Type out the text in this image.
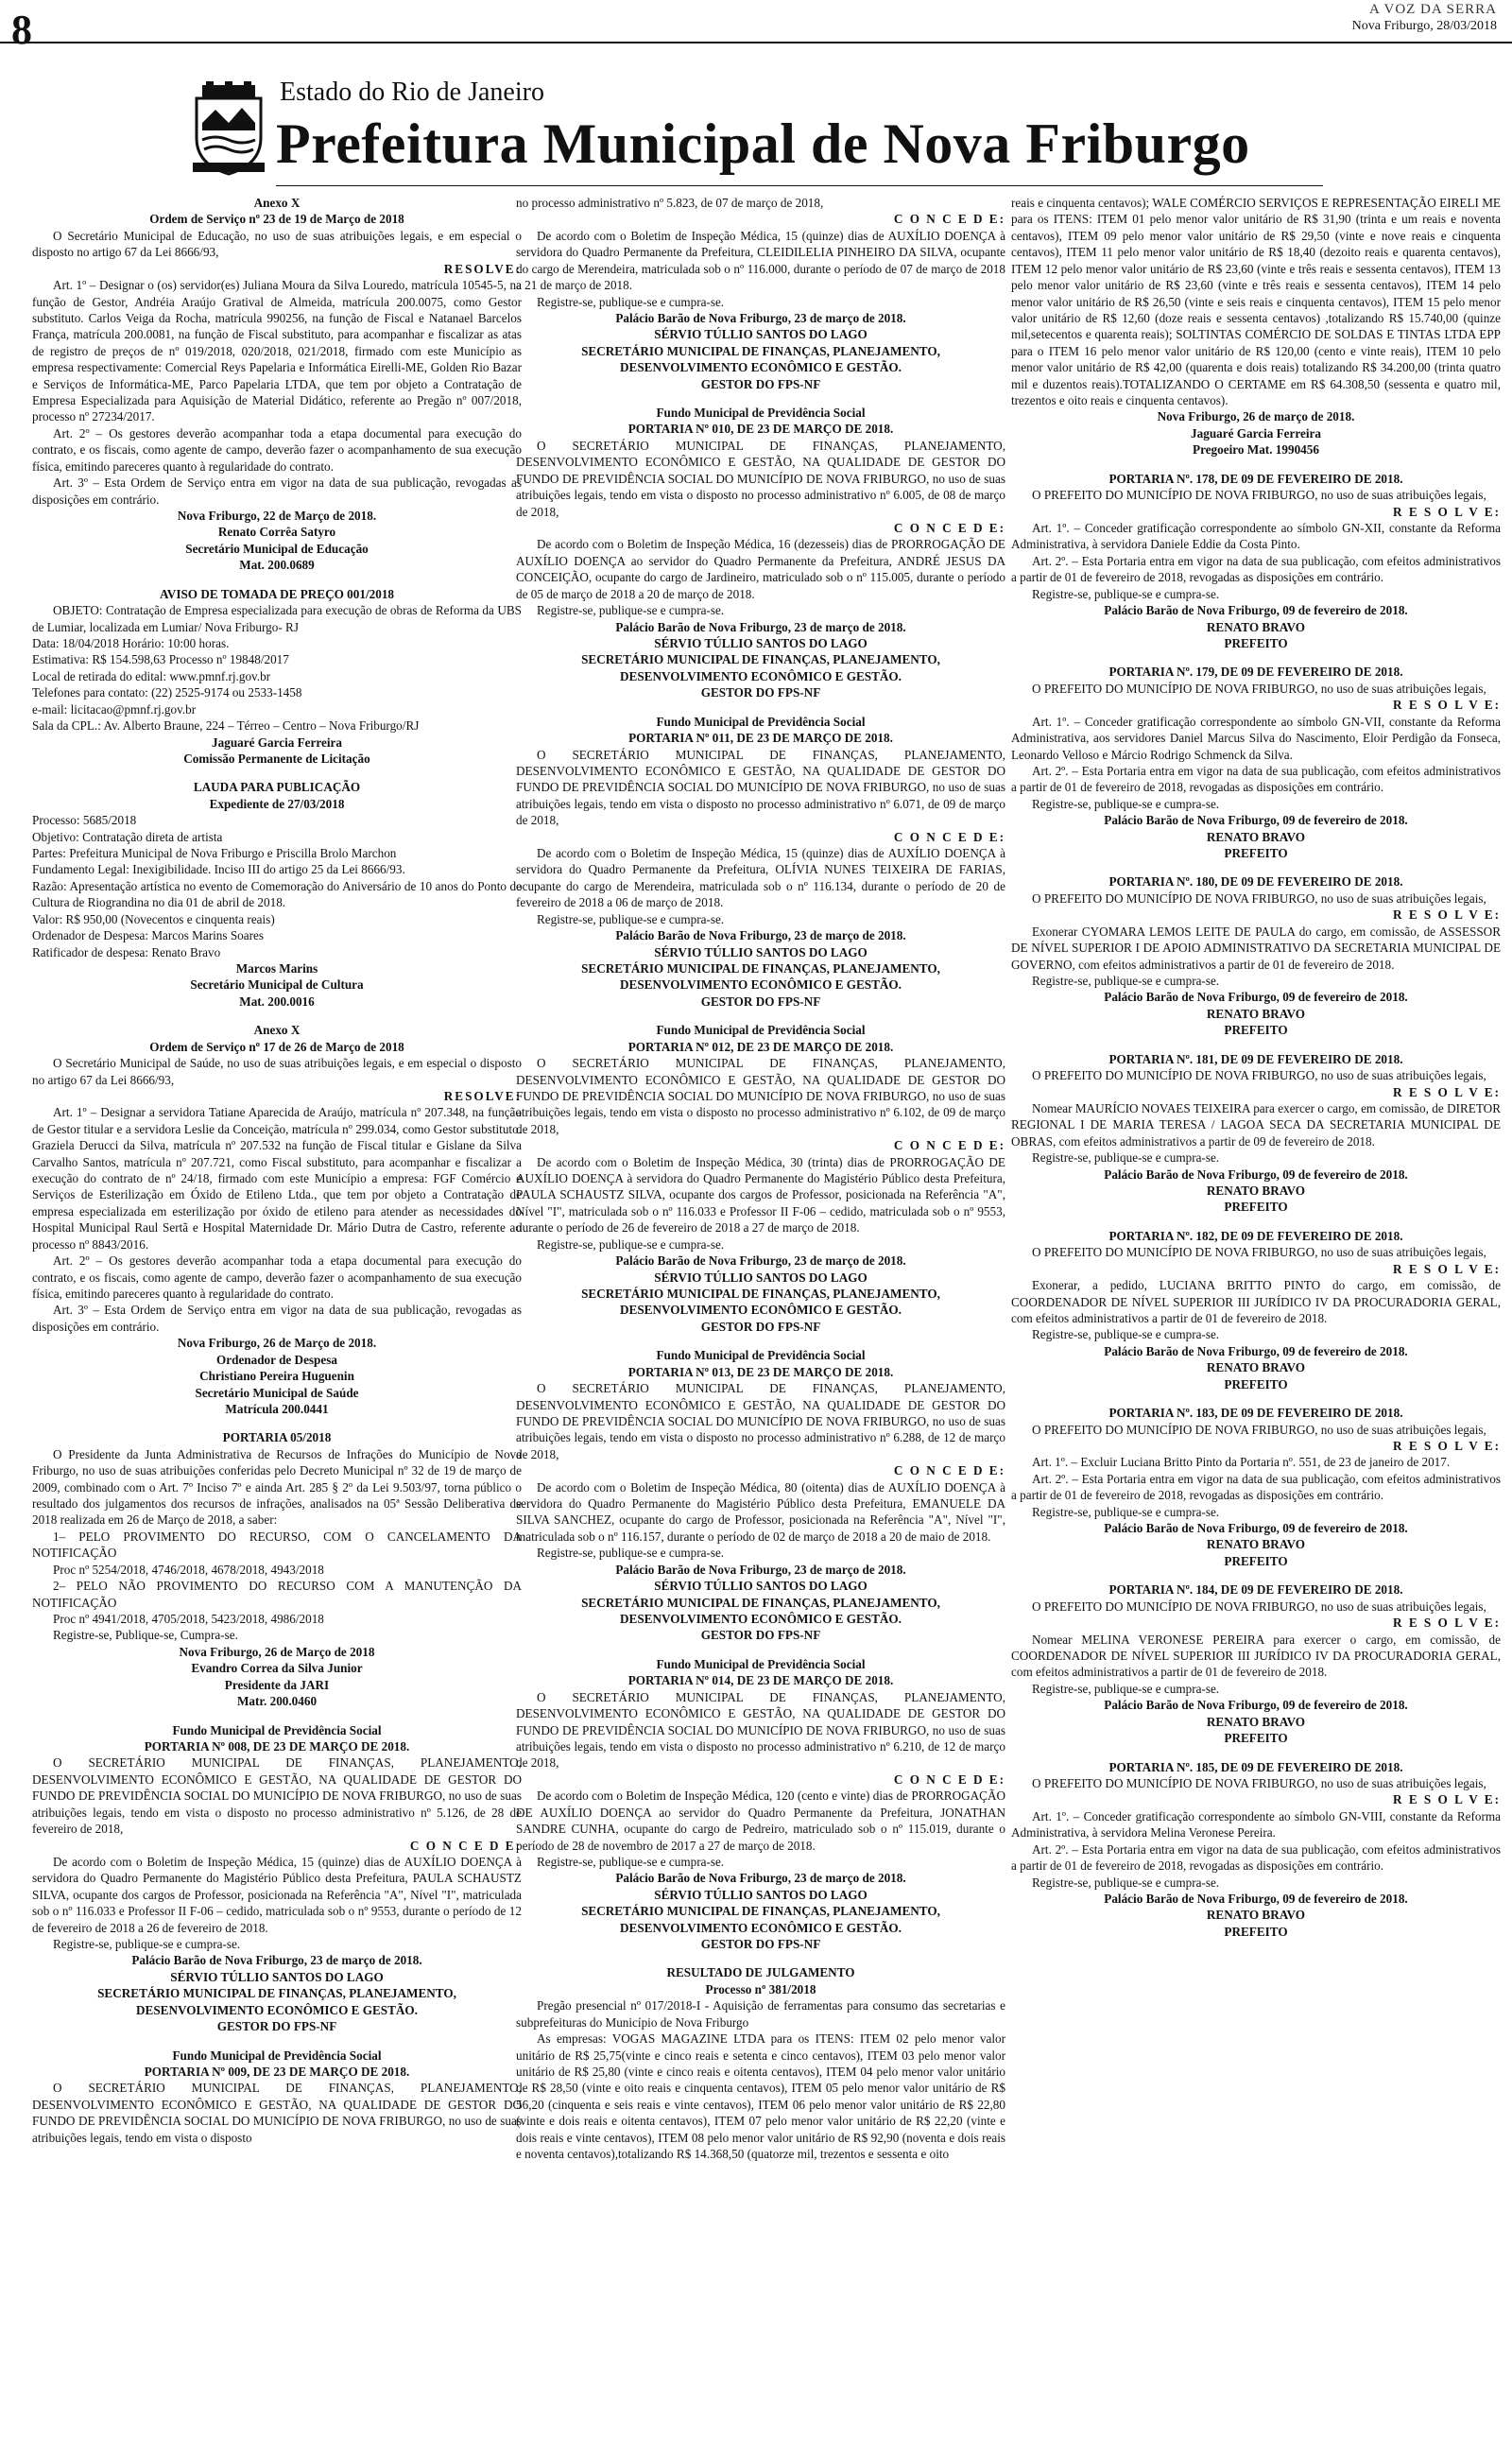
8	A VOZ DA SERRA
Nova Friburgo, 28/03/2018
Estado do Rio de Janeiro
Prefeitura Municipal de Nova Friburgo

Anexo X

Ordem de Serviço nº 23 de 19 de Março de 2018

O Secretário Municipal de Educação, no uso de suas atribuições legais, e em especial o disposto no artigo 67 da Lei 8666/93,

RESOLVE:

Art. 1º – Designar o (os) servidor(es) Juliana Moura da Silva Louredo, matrícula 10545-5, na função de Gestor, Andréia Araújo Gratival de Almeida, matrícula 200.0075, como Gestor substituto. Carlos Veiga da Rocha, matrícula 990256, na função de Fiscal e Natanael Barcelos França, matrícula 200.0081, na função de Fiscal substituto, para acompanhar e fiscalizar as atas de registro de preços de nº 019/2018, 020/2018, 021/2018, firmado com este Município as empresa respectivamente: Comercial Reys Papelaria e Informática Eirelli-ME, Golden Rio Bazar e Serviços de Informática-ME, Parco Papelaria LTDA, que tem por objeto a Contratação de Empresa Especializada para Aquisição de Material Didático, referente ao Pregão nº 007/2018, processo nº 27234/2017.

Art. 2º – Os gestores deverão acompanhar toda a etapa documental para execução do contrato, e os fiscais, como agente de campo, deverão fazer o acompanhamento de sua execução física, emitindo pareceres quanto à regularidade do contrato.

Art. 3º – Esta Ordem de Serviço entra em vigor na data de sua publicação, revogadas as disposições em contrário.

Nova Friburgo, 22 de Março de 2018.

Renato Corrêa Satyro

Secretário Municipal de Educação

Mat. 200.0689

AVISO DE TOMADA DE PREÇO 001/2018

OBJETO: Contratação de Empresa especializada para execução de obras de Reforma da UBS de Lumiar, localizada em Lumiar/ Nova Friburgo- RJ

Data: 18/04/2018 Horário: 10:00 horas.

Estimativa: R$ 154.598,63 Processo nº 19848/2017

Local de retirada do edital: www.pmnf.rj.gov.br

Telefones para contato: (22) 2525-9174 ou 2533-1458

e-mail: licitacao@pmnf.rj.gov.br

Sala da CPL.: Av. Alberto Braune, 224 – Térreo – Centro – Nova Friburgo/RJ

Jaguaré Garcia Ferreira

Comissão Permanente de Licitação

LAUDA PARA PUBLICAÇÃO

Expediente de 27/03/2018

Processo: 5685/2018

Objetivo: Contratação direta de artista

Partes: Prefeitura Municipal de Nova Friburgo e Priscilla Brolo Marchon

Fundamento Legal: Inexigibilidade. Inciso III do artigo 25 da Lei 8666/93.

Razão: Apresentação artística no evento de Comemoração do Aniversário de 10 anos do Ponto de Cultura de Riograndina no dia 01 de abril de 2018.

Valor: R$ 950,00 (Novecentos e cinquenta reais)

Ordenador de Despesa: Marcos Marins Soares

Ratificador de despesa: Renato Bravo

Marcos Marins

Secretário Municipal de Cultura

Mat. 200.0016

Anexo X

Ordem de Serviço nº 17 de 26 de Março de 2018

O Secretário Municipal de Saúde, no uso de suas atribuições legais, e em especial o disposto no artigo 67 da Lei 8666/93,

RESOLVE:

Art. 1º – Designar a servidora Tatiane Aparecida de Araújo, matrícula nº 207.348, na função de Gestor titular e a servidora Leslie da Conceição, matrícula nº 299.034, como Gestor substituto. Graziela Derucci da Silva, matrícula nº 207.532 na função de Fiscal titular e Gislane da Silva Carvalho Santos, matrícula nº 207.721, como Fiscal substituto, para acompanhar e fiscalizar a execução do contrato de nº 24/18, firmado com este Município a empresa: FGF Comércio e Serviços de Esterilização em Óxido de Etileno Ltda., que tem por objeto a Contratação de empresa especializada em esterilização por óxido de etileno para atender as necessidades do Hospital Municipal Raul Sertã e Hospital Maternidade Dr. Mário Dutra de Castro, referente ao processo nº 8843/2016.

Art. 2º – Os gestores deverão acompanhar toda a etapa documental para execução do contrato, e os fiscais, como agente de campo, deverão fazer o acompanhamento de sua execução física, emitindo pareceres quanto à regularidade do contrato.

Art. 3º – Esta Ordem de Serviço entra em vigor na data de sua publicação, revogadas as disposições em contrário.

Nova Friburgo, 26 de Março de 2018.

Ordenador de Despesa

Christiano Pereira Huguenin

Secretário Municipal de Saúde

Matrícula 200.0441

PORTARIA 05/2018

O Presidente da Junta Administrativa de Recursos de Infrações do Município de Nova Friburgo, no uso de suas atribuições conferidas pelo Decreto Municipal nº 32 de 19 de março de 2009, combinado com o Art. 7º Inciso 7º e ainda Art. 285 § 2º da Lei 9.503/97, torna público o resultado dos julgamentos dos recursos de infrações, analisados na 05ª Sessão Deliberativa de 2018 realizada em 26 de Março de 2018, a saber:

1– PELO PROVIMENTO DO RECURSO, COM O CANCELAMENTO DA NOTIFICAÇÃO

Proc nº 5254/2018, 4746/2018, 4678/2018, 4943/2018

2– PELO NÃO PROVIMENTO DO RECURSO COM A MANUTENÇÃO DA NOTIFICAÇÃO

Proc nº 4941/2018, 4705/2018, 5423/2018, 4986/2018

Registre-se, Publique-se, Cumpra-se.

Nova Friburgo, 26 de Março de 2018

Evandro Correa da Silva Junior

Presidente da JARI

Matr. 200.0460

Fundo Municipal de Previdência Social

PORTARIA Nº 008, DE 23 DE MARÇO DE 2018.

O SECRETÁRIO MUNICIPAL DE FINANÇAS, PLANEJAMENTO, DESENVOLVIMENTO ECONÔMICO E GESTÃO, NA QUALIDADE DE GESTOR DO FUNDO DE PREVIDÊNCIA SOCIAL DO MUNICÍPIO DE NOVA FRIBURGO, no uso de suas atribuições legais, tendo em vista o disposto no processo administrativo nº 5.126, de 28 de fevereiro de 2018,

C O N C E D E:

De acordo com o Boletim de Inspeção Médica, 15 (quinze) dias de AUXÍLIO DOENÇA à servidora do Quadro Permanente do Magistério Público desta Prefeitura, PAULA SCHAUSTZ SILVA, ocupante dos cargos de Professor, posicionada na Referência "A", Nível "I", matriculada sob o nº 116.033 e Professor II F-06 – cedido, matriculada sob o nº 9553, durante o período de 12 de fevereiro de 2018 a 26 de fevereiro de 2018.

Registre-se, publique-se e cumpra-se.

Palácio Barão de Nova Friburgo, 23 de março de 2018.

SÉRVIO TÚLLIO SANTOS DO LAGO

SECRETÁRIO MUNICIPAL DE FINANÇAS, PLANEJAMENTO, DESENVOLVIMENTO ECONÔMICO E GESTÃO.

GESTOR DO FPS-NF

Fundo Municipal de Previdência Social

PORTARIA Nº 009, DE 23 DE MARÇO DE 2018.

O SECRETÁRIO MUNICIPAL DE FINANÇAS, PLANEJAMENTO, DESENVOLVIMENTO ECONÔMICO E GESTÃO, NA QUALIDADE DE GESTOR DO FUNDO DE PREVIDÊNCIA SOCIAL DO MUNICÍPIO DE NOVA FRIBURGO, no uso de suas atribuições legais, tendo em vista o disposto

no processo administrativo nº 5.823, de 07 de março de 2018,

C O N C E D E:

De acordo com o Boletim de Inspeção Médica, 15 (quinze) dias de AUXÍLIO DOENÇA à servidora do Quadro Permanente da Prefeitura, CLEIDILELIA PINHEIRO DA SILVA, ocupante do cargo de Merendeira, matriculada sob o nº 116.000, durante o período de 07 de março de 2018 a 21 de março de 2018.

Registre-se, publique-se e cumpra-se.

Palácio Barão de Nova Friburgo, 23 de março de 2018.

SÉRVIO TÚLLIO SANTOS DO LAGO

SECRETÁRIO MUNICIPAL DE FINANÇAS, PLANEJAMENTO, DESENVOLVIMENTO ECONÔMICO E GESTÃO.

GESTOR DO FPS-NF

Fundo Municipal de Previdência Social

PORTARIA Nº 010, DE 23 DE MARÇO DE 2018.

O SECRETÁRIO MUNICIPAL DE FINANÇAS, PLANEJAMENTO, DESENVOLVIMENTO ECONÔMICO E GESTÃO, NA QUALIDADE DE GESTOR DO FUNDO DE PREVIDÊNCIA SOCIAL DO MUNICÍPIO DE NOVA FRIBURGO, no uso de suas atribuições legais, tendo em vista o disposto no processo administrativo nº 6.005, de 08 de março de 2018,

C O N C E D E:

De acordo com o Boletim de Inspeção Médica, 16 (dezesseis) dias de PRORROGAÇÃO DE AUXÍLIO DOENÇA ao servidor do Quadro Permanente da Prefeitura, ANDRÉ JESUS DA CONCEIÇÃO, ocupante do cargo de Jardineiro, matriculado sob o nº 115.005, durante o período de 05 de março de 2018 a 20 de março de 2018.

Registre-se, publique-se e cumpra-se.

Palácio Barão de Nova Friburgo, 23 de março de 2018.

SÉRVIO TÚLLIO SANTOS DO LAGO

SECRETÁRIO MUNICIPAL DE FINANÇAS, PLANEJAMENTO, DESENVOLVIMENTO ECONÔMICO E GESTÃO.

GESTOR DO FPS-NF

Fundo Municipal de Previdência Social

PORTARIA Nº 011, DE 23 DE MARÇO DE 2018.

O SECRETÁRIO MUNICIPAL DE FINANÇAS, PLANEJAMENTO, DESENVOLVIMENTO ECONÔMICO E GESTÃO, NA QUALIDADE DE GESTOR DO FUNDO DE PREVIDÊNCIA SOCIAL DO MUNICÍPIO DE NOVA FRIBURGO, no uso de suas atribuições legais, tendo em vista o disposto no processo administrativo nº 6.071, de 09 de março de 2018,

C O N C E D E:

De acordo com o Boletim de Inspeção Médica, 15 (quinze) dias de AUXÍLIO DOENÇA à servidora do Quadro Permanente da Prefeitura, OLÍVIA NUNES TEIXEIRA DE FARIAS, ocupante do cargo de Merendeira, matriculada sob o nº 116.134, durante o período de 20 de fevereiro de 2018 a 06 de março de 2018.

Registre-se, publique-se e cumpra-se.

Palácio Barão de Nova Friburgo, 23 de março de 2018.

SÉRVIO TÚLLIO SANTOS DO LAGO

SECRETÁRIO MUNICIPAL DE FINANÇAS, PLANEJAMENTO, DESENVOLVIMENTO ECONÔMICO E GESTÃO.

GESTOR DO FPS-NF

Fundo Municipal de Previdência Social

PORTARIA Nº 012, DE 23 DE MARÇO DE 2018.

O SECRETÁRIO MUNICIPAL DE FINANÇAS, PLANEJAMENTO, DESENVOLVIMENTO ECONÔMICO E GESTÃO, NA QUALIDADE DE GESTOR DO FUNDO DE PREVIDÊNCIA SOCIAL DO MUNICÍPIO DE NOVA FRIBURGO, no uso de suas atribuições legais, tendo em vista o disposto no processo administrativo nº 6.102, de 09 de março de 2018,

C O N C E D E:

De acordo com o Boletim de Inspeção Médica, 30 (trinta) dias de PRORROGAÇÃO DE AUXÍLIO DOENÇA à servidora do Quadro Permanente do Magistério Público desta Prefeitura, PAULA SCHAUSTZ SILVA, ocupante dos cargos de Professor, posicionada na Referência "A", Nível "I", matriculada sob o nº 116.033 e Professor II F-06 – cedido, matriculada sob o nº 9553, durante o período de 26 de fevereiro de 2018 a 27 de março de 2018.

Registre-se, publique-se e cumpra-se.

Palácio Barão de Nova Friburgo, 23 de março de 2018.

SÉRVIO TÚLLIO SANTOS DO LAGO

SECRETÁRIO MUNICIPAL DE FINANÇAS, PLANEJAMENTO, DESENVOLVIMENTO ECONÔMICO E GESTÃO.

GESTOR DO FPS-NF

Fundo Municipal de Previdência Social

PORTARIA Nº 013, DE 23 DE MARÇO DE 2018.

O SECRETÁRIO MUNICIPAL DE FINANÇAS, PLANEJAMENTO, DESENVOLVIMENTO ECONÔMICO E GESTÃO, NA QUALIDADE DE GESTOR DO FUNDO DE PREVIDÊNCIA SOCIAL DO MUNICÍPIO DE NOVA FRIBURGO, no uso de suas atribuições legais, tendo em vista o disposto no processo administrativo nº 6.288, de 12 de março de 2018,

C O N C E D E:

De acordo com o Boletim de Inspeção Médica, 80 (oitenta) dias de AUXÍLIO DOENÇA à servidora do Quadro Permanente do Magistério Público desta Prefeitura, EMANUELE DA SILVA SANCHEZ, ocupante do cargo de Professor, posicionada na Referência "A", Nível "I", matriculada sob o nº 116.157, durante o período de 02 de março de 2018 a 20 de maio de 2018.

Registre-se, publique-se e cumpra-se.

Palácio Barão de Nova Friburgo, 23 de março de 2018.

SÉRVIO TÚLLIO SANTOS DO LAGO

SECRETÁRIO MUNICIPAL DE FINANÇAS, PLANEJAMENTO, DESENVOLVIMENTO ECONÔMICO E GESTÃO.

GESTOR DO FPS-NF

Fundo Municipal de Previdência Social

PORTARIA Nº 014, DE 23 DE MARÇO DE 2018.

O SECRETÁRIO MUNICIPAL DE FINANÇAS, PLANEJAMENTO, DESENVOLVIMENTO ECONÔMICO E GESTÃO, NA QUALIDADE DE GESTOR DO FUNDO DE PREVIDÊNCIA SOCIAL DO MUNICÍPIO DE NOVA FRIBURGO, no uso de suas atribuições legais, tendo em vista o disposto no processo administrativo nº 6.210, de 12 de março de 2018,

C O N C E D E:

De acordo com o Boletim de Inspeção Médica, 120 (cento e vinte) dias de PRORROGAÇÃO DE AUXÍLIO DOENÇA ao servidor do Quadro Permanente da Prefeitura, JONATHAN SANDRE CUNHA, ocupante do cargo de Pedreiro, matriculado sob o nº 115.019, durante o período de 28 de novembro de 2017 a 27 de março de 2018.

Registre-se, publique-se e cumpra-se.

Palácio Barão de Nova Friburgo, 23 de março de 2018.

SÉRVIO TÚLLIO SANTOS DO LAGO

SECRETÁRIO MUNICIPAL DE FINANÇAS, PLANEJAMENTO, DESENVOLVIMENTO ECONÔMICO E GESTÃO.

GESTOR DO FPS-NF

RESULTADO DE JULGAMENTO

Processo nº 381/2018

Pregão presencial nº 017/2018-I - Aquisição de ferramentas para consumo das secretarias e subprefeituras do Município de Nova Friburgo

As empresas: VOGAS MAGAZINE LTDA para os ITENS: ITEM 02 pelo menor valor unitário de R$ 25,75(vinte e cinco reais e setenta e cinco centavos), ITEM 03 pelo menor valor unitário de R$ 25,80 (vinte e cinco reais e oitenta centavos), ITEM 04 pelo menor valor unitário de R$ 28,50 (vinte e oito reais e cinquenta centavos), ITEM 05 pelo menor valor unitário de R$ 56,20 (cinquenta e seis reais e vinte centavos), ITEM 06 pelo menor valor unitário de R$ 22,80 (vinte e dois reais e oitenta centavos), ITEM 07 pelo menor valor unitário de R$ 22,20 (vinte e dois reais e vinte centavos), ITEM 08 pelo menor valor unitário de R$ 92,90 (noventa e dois reais e noventa centavos),totalizando R$ 14.368,50 (quatorze mil, trezentos e sessenta e oito

reais e cinquenta centavos); WALE COMÉRCIO SERVIÇOS E REPRESENTAÇÃO EIRELI ME para os ITENS: ITEM 01 pelo menor valor unitário de R$ 31,90 (trinta e um reais e noventa centavos), ITEM 09 pelo menor valor unitário de R$ 29,50 (vinte e nove reais e cinquenta centavos), ITEM 11 pelo menor valor unitário de R$ 18,40 (dezoito reais e quarenta centavos), ITEM 12 pelo menor valor unitário de R$ 23,60 (vinte e três reais e sessenta centavos), ITEM 13 pelo menor valor unitário de R$ 23,60 (vinte e três reais e sessenta centavos), ITEM 14 pelo menor valor unitário de R$ 26,50 (vinte e seis reais e cinquenta centavos), ITEM 15 pelo menor valor unitário de R$ 12,60 (doze reais e sessenta centavos) ,totalizando R$ 15.740,00 (quinze mil,setecentos e quarenta reais); SOLTINTAS COMÉRCIO DE SOLDAS E TINTAS LTDA EPP para o ITEM 16 pelo menor valor unitário de R$ 120,00 (cento e vinte reais), ITEM 10 pelo menor valor unitário de R$ 42,00 (quarenta e dois reais) totalizando R$ 34.200,00 (trinta quatro mil e duzentos reais).TOTALIZANDO O CERTAME em R$ 64.308,50 (sessenta e quatro mil, trezentos e oito reais e cinquenta centavos).

Nova Friburgo, 26 de março de 2018.

Jaguaré Garcia Ferreira

Pregoeiro Mat. 1990456

PORTARIA Nº. 178, DE 09 DE FEVEREIRO DE 2018.

O PREFEITO DO MUNICÍPIO DE NOVA FRIBURGO, no uso de suas atribuições legais,

R E S O L V E:

Art. 1º. – Conceder gratificação correspondente ao símbolo GN-XII, constante da Reforma Administrativa, à servidora Daniele Eddie da Costa Pinto.

Art. 2º. – Esta Portaria entra em vigor na data de sua publicação, com efeitos administrativos a partir de 01 de fevereiro de 2018, revogadas as disposições em contrário.

Registre-se, publique-se e cumpra-se.

Palácio Barão de Nova Friburgo, 09 de fevereiro de 2018.

RENATO BRAVO

PREFEITO

PORTARIA Nº. 179, DE 09 DE FEVEREIRO DE 2018.

O PREFEITO DO MUNICÍPIO DE NOVA FRIBURGO, no uso de suas atribuições legais,

R E S O L V E:

Art. 1º. – Conceder gratificação correspondente ao símbolo GN-VII, constante da Reforma Administrativa, aos servidores Daniel Marcus Silva do Nascimento, Eloir Perdigão da Fonseca, Leonardo Velloso e Márcio Rodrigo Schmenck da Silva.

Art. 2º. – Esta Portaria entra em vigor na data de sua publicação, com efeitos administrativos a partir de 01 de fevereiro de 2018, revogadas as disposições em contrário.

Registre-se, publique-se e cumpra-se.

Palácio Barão de Nova Friburgo, 09 de fevereiro de 2018.

RENATO BRAVO

PREFEITO

PORTARIA Nº. 180, DE 09 DE FEVEREIRO DE 2018.

O PREFEITO DO MUNICÍPIO DE NOVA FRIBURGO, no uso de suas atribuições legais,

R E S O L V E:

Exonerar CYOMARA LEMOS LEITE DE PAULA do cargo, em comissão, de ASSESSOR DE NÍVEL SUPERIOR I DE APOIO ADMINISTRATIVO DA SECRETARIA MUNICIPAL DE GOVERNO, com efeitos administrativos a partir de 01 de fevereiro de 2018.

Registre-se, publique-se e cumpra-se.

Palácio Barão de Nova Friburgo, 09 de fevereiro de 2018.

RENATO BRAVO

PREFEITO

PORTARIA Nº. 181, DE 09 DE FEVEREIRO DE 2018.

O PREFEITO DO MUNICÍPIO DE NOVA FRIBURGO, no uso de suas atribuições legais,

R E S O L V E:

Nomear MAURÍCIO NOVAES TEIXEIRA para exercer o cargo, em comissão, de DIRETOR REGIONAL I DE MARIA TERESA / LAGOA SECA DA SECRETARIA MUNICIPAL DE OBRAS, com efeitos administrativos a partir de 09 de fevereiro de 2018.

Registre-se, publique-se e cumpra-se.

Palácio Barão de Nova Friburgo, 09 de fevereiro de 2018.

RENATO BRAVO

PREFEITO

PORTARIA Nº. 182, DE 09 DE FEVEREIRO DE 2018.

O PREFEITO DO MUNICÍPIO DE NOVA FRIBURGO, no uso de suas atribuições legais,

R E S O L V E:

Exonerar, a pedido, LUCIANA BRITTO PINTO do cargo, em comissão, de COORDENADOR DE NÍVEL SUPERIOR III JURÍDICO IV DA PROCURADORIA GERAL, com efeitos administrativos a partir de 01 de fevereiro de 2018.

Registre-se, publique-se e cumpra-se.

Palácio Barão de Nova Friburgo, 09 de fevereiro de 2018.

RENATO BRAVO

PREFEITO

PORTARIA Nº. 183, DE 09 DE FEVEREIRO DE 2018.

O PREFEITO DO MUNICÍPIO DE NOVA FRIBURGO, no uso de suas atribuições legais,

R E S O L V E:

Art. 1º. – Excluir Luciana Britto Pinto da Portaria nº. 551, de 23 de janeiro de 2017.

Art. 2º. – Esta Portaria entra em vigor na data de sua publicação, com efeitos administrativos a partir de 01 de fevereiro de 2018, revogadas as disposições em contrário.

Registre-se, publique-se e cumpra-se.

Palácio Barão de Nova Friburgo, 09 de fevereiro de 2018.

RENATO BRAVO

PREFEITO

PORTARIA Nº. 184, DE 09 DE FEVEREIRO DE 2018.

O PREFEITO DO MUNICÍPIO DE NOVA FRIBURGO, no uso de suas atribuições legais,

R E S O L V E:

Nomear MELINA VERONESE PEREIRA para exercer o cargo, em comissão, de COORDENADOR DE NÍVEL SUPERIOR III JURÍDICO IV DA PROCURADORIA GERAL, com efeitos administrativos a partir de 01 de fevereiro de 2018.

Registre-se, publique-se e cumpra-se.

Palácio Barão de Nova Friburgo, 09 de fevereiro de 2018.

RENATO BRAVO

PREFEITO

PORTARIA Nº. 185, DE 09 DE FEVEREIRO DE 2018.

O PREFEITO DO MUNICÍPIO DE NOVA FRIBURGO, no uso de suas atribuições legais,

R E S O L V E:

Art. 1º. – Conceder gratificação correspondente ao símbolo GN-VIII, constante da Reforma Administrativa, à servidora Melina Veronese Pereira.

Art. 2º. – Esta Portaria entra em vigor na data de sua publicação, com efeitos administrativos a partir de 01 de fevereiro de 2018, revogadas as disposições em contrário.

Registre-se, publique-se e cumpra-se.

Palácio Barão de Nova Friburgo, 09 de fevereiro de 2018.

RENATO BRAVO

PREFEITO
